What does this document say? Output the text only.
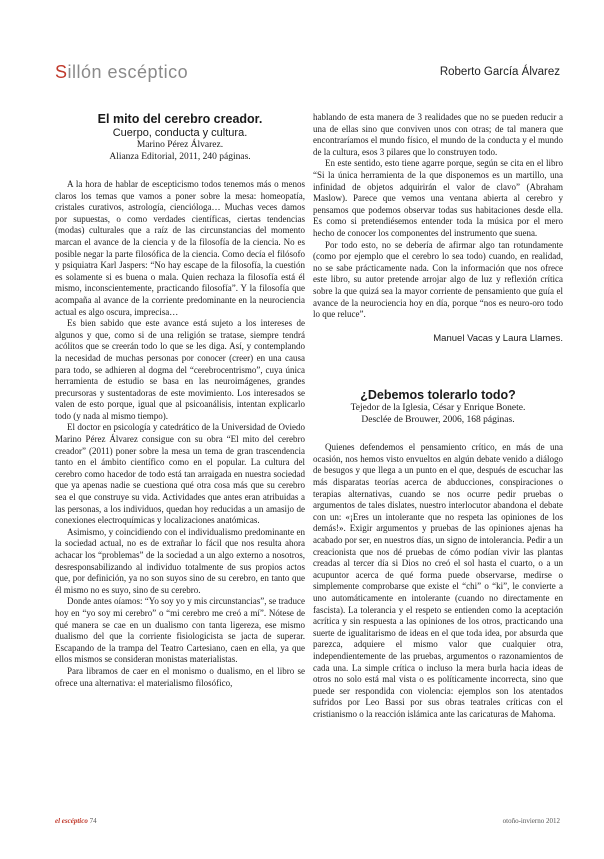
Sillón escéptico	Roberto García Álvarez
El mito del cerebro creador.
Cuerpo, conducta y cultura.
Marino Pérez Álvarez.
Alianza Editorial, 2011, 240 páginas.

A la hora de hablar de escepticismo todos tenemos más o menos claros los temas que vamos a poner sobre la mesa: homeopatía, cristales curativos, astrología, ciencióloga… Muchas veces damos por supuestas, o como verdades científicas, ciertas tendencias (modas) culturales que a raíz de las circunstancias del momento marcan el avance de la ciencia y de la filosofía de la ciencia. No es posible negar la parte filosófica de la ciencia. Como decía el filósofo y psiquiatra Karl Jaspers: “No hay escape de la filosofía, la cuestión es solamente si es buena o mala. Quien rechaza la filosofía está él mismo, inconscientemente, practicando filosofía”. Y la filosofía que acompaña al avance de la corriente predominante en la neurociencia actual es algo oscura, imprecisa…

Es bien sabido que este avance está sujeto a los intereses de algunos y que, como si de una religión se tratase, siempre tendrá acólitos que se creerán todo lo que se les diga. Así, y contemplando la necesidad de muchas personas por conocer (creer) en una causa para todo, se adhieren al dogma del “cerebrocentrismo”, cuya única herramienta de estudio se basa en las neuroimágenes, grandes precursoras y sustentadoras de este movimiento. Los interesados se valen de esto porque, igual que al psicoanálisis, intentan explicarlo todo (y nada al mismo tiempo).

El doctor en psicología y catedrático de la Universidad de Oviedo Marino Pérez Álvarez consigue con su obra “El mito del cerebro creador” (2011) poner sobre la mesa un tema de gran trascendencia tanto en el ámbito científico como en el popular. La cultura del cerebro como hacedor de todo está tan arraigada en nuestra sociedad que ya apenas nadie se cuestiona qué otra cosa más que su cerebro sea el que construye su vida. Actividades que antes eran atribuidas a las personas, a los individuos, quedan hoy reducidas a un amasijo de conexiones electroquímicas y localizaciones anatómicas.

Asimismo, y coincidiendo con el individualismo predominante en la sociedad actual, no es de extrañar lo fácil que nos resulta ahora achacar los “problemas” de la sociedad a un algo externo a nosotros, desresponsabilizando al individuo totalmente de sus propios actos que, por definición, ya no son suyos sino de su cerebro, en tanto que él mismo no es suyo, sino de su cerebro.

Donde antes oíamos: “Yo soy yo y mis circunstancias”, se traduce hoy en “yo soy mi cerebro” o “mi cerebro me creó a mí”. Nótese de qué manera se cae en un dualismo con tanta ligereza, ese mismo dualismo del que la corriente fisiologicista se jacta de superar. Escapando de la trampa del Teatro Cartesiano, caen en ella, ya que ellos mismos se consideran monistas materialistas.

Para libramos de caer en el monismo o dualismo, en el libro se ofrece una alternativa: el materialismo filosófico,

hablando de esta manera de 3 realidades que no se pueden reducir a una de ellas sino que conviven unos con otras; de tal manera que encontraríamos el mundo físico, el mundo de la conducta y el mundo de la cultura, esos 3 pilares que lo construyen todo.

En este sentido, esto tiene agarre porque, según se cita en el libro “Si la única herramienta de la que disponemos es un martillo, una infinidad de objetos adquirirán el valor de clavo” (Abraham Maslow). Parece que vemos una ventana abierta al cerebro y pensamos que podemos observar todas sus habitaciones desde ella. Es como si pretendiésemos entender toda la música por el mero hecho de conocer los componentes del instrumento que suena.

Por todo esto, no se debería de afirmar algo tan rotundamente (como por ejemplo que el cerebro lo sea todo) cuando, en realidad, no se sabe prácticamente nada. Con la información que nos ofrece este libro, su autor pretende arrojar algo de luz y reflexión crítica sobre la que quizá sea la mayor corriente de pensamiento que guía el avance de la neurociencia hoy en día, porque “nos es neuro-oro todo lo que reluce”.

Manuel Vacas y Laura Llames.
¿Debemos tolerarlo todo?
Tejedor de la Iglesia, César y Enrique Bonete.
Desclée de Brouwer, 2006, 168 páginas.

Quienes defendemos el pensamiento crítico, en más de una ocasión, nos hemos visto envueltos en algún debate venido a diálogo de besugos y que llega a un punto en el que, después de escuchar las más disparatas teorías acerca de abducciones, conspiraciones o terapias alternativas, cuando se nos ocurre pedir pruebas o argumentos de tales dislates, nuestro interlocutor abandona el debate con un: «¡Eres un intolerante que no respeta las opiniones de los demás!». Exigir argumentos y pruebas de las opiniones ajenas ha acabado por ser, en nuestros días, un signo de intolerancia. Pedir a un creacionista que nos dé pruebas de cómo podían vivir las plantas creadas al tercer día si Dios no creó el sol hasta el cuarto, o a un acupuntor acerca de qué forma puede observarse, medirse o simplemente comprobarse que existe el “chi” o “ki”, le convierte a uno automáticamente en intolerante (cuando no directamente en fascista). La tolerancia y el respeto se entienden como la aceptación acrítica y sin respuesta a las opiniones de los otros, practicando una suerte de igualitarismo de ideas en el que toda idea, por absurda que parezca, adquiere el mismo valor que cualquier otra, independientemente de las pruebas, argumentos o razonamientos de cada una. La simple crítica o incluso la mera burla hacia ideas de otros no solo está mal vista o es políticamente incorrecta, sino que puede ser respondida con violencia: ejemplos son los atentados sufridos por Leo Bassi por sus obras teatrales críticas con el cristianismo o la reacción islámica ante las caricaturas de Mahoma.

el escéptico 74	otoño-invierno 2012
